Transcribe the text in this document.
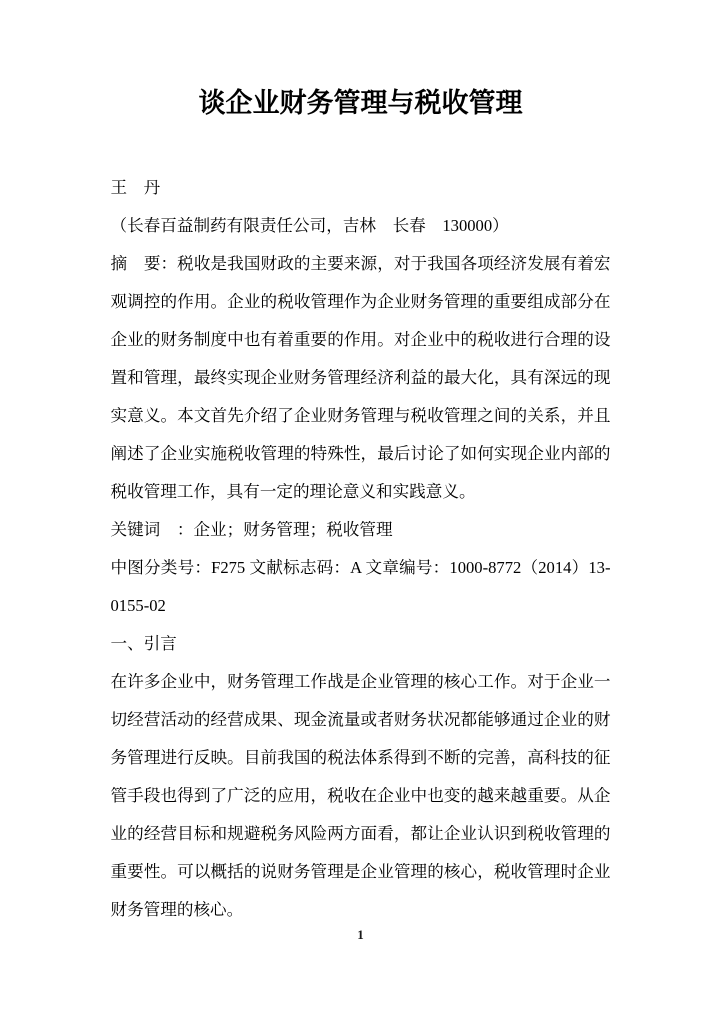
谈企业财务管理与税收管理

王　丹

（长春百益制药有限责任公司，吉林　长春　130000）

摘　要：税收是我国财政的主要来源，对于我国各项经济发展有着宏观调控的作用。企业的税收管理作为企业财务管理的重要组成部分在企业的财务制度中也有着重要的作用。对企业中的税收进行合理的设置和管理，最终实现企业财务管理经济利益的最大化，具有深远的现实意义。本文首先介绍了企业财务管理与税收管理之间的关系，并且阐述了企业实施税收管理的特殊性，最后讨论了如何实现企业内部的税收管理工作，具有一定的理论意义和实践意义。

关键词　：企业；财务管理；税收管理

中图分类号：F275 文献标志码：A 文章编号：1000-8772（2014）13-0155-02

一、引言

在许多企业中，财务管理工作战是企业管理的核心工作。对于企业一切经营活动的经营成果、现金流量或者财务状况都能够通过企业的财务管理进行反映。目前我国的税法体系得到不断的完善，高科技的征管手段也得到了广泛的应用，税收在企业中也变的越来越重要。从企业的经营目标和规避税务风险两方面看，都让企业认识到税收管理的重要性。可以概括的说财务管理是企业管理的核心，税收管理时企业财务管理的核心。

1
